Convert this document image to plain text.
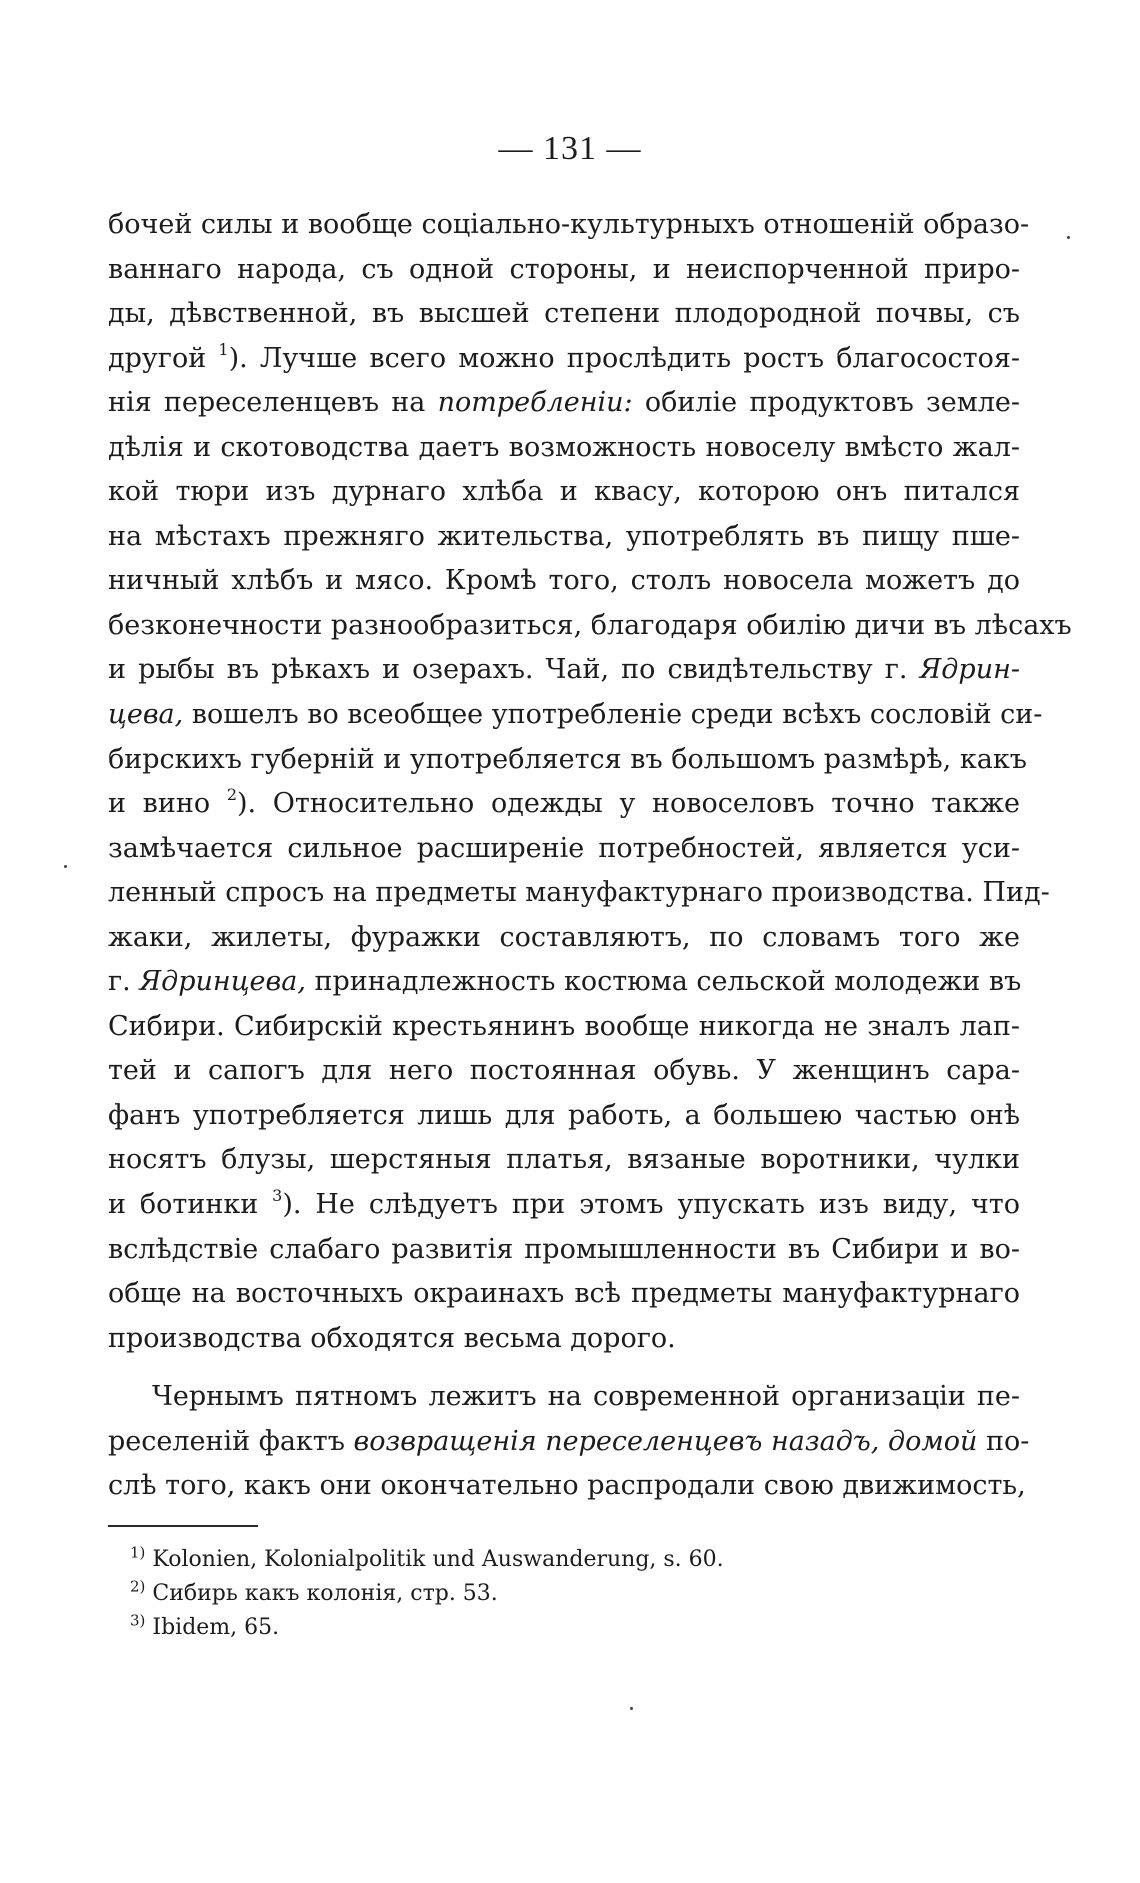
— 131 —
бочей силы и вообще соціально-культурныхъ отношеній образо-
ваннаго народа, съ одной стороны, и неиспорченной приро-
ды, дѣвственной, въ высшей степени плодородной почвы, съ
другой $^1$). Лучше всего можно прослѣдить ростъ благосостоя-
нія переселенцевъ на потребленіи: обиліе продуктовъ земле-
дѣлія и скотоводства даетъ возможность новоселу вмѣсто жал-
кой тюри изъ дурнаго хлѣба и квасу, которою онъ питался
на мѣстахъ прежняго жительства, употреблять въ пищу пше-
ничный хлѣбъ и мясо. Кромѣ того, столъ новосела можетъ до
безконечности разнообразиться, благодаря обилію дичи въ лѣсахъ
и рыбы въ рѣкахъ и озерахъ. Чай, по свидѣтельству г. Ядрин-
цева, вошелъ во всеобщее употребленіе среди всѣхъ сословій си-
бирскихъ губерній и употребляется въ большомъ размѣрѣ, какъ
и вино $^2$). Относительно одежды у новоселовъ точно также
замѣчается сильное расширеніе потребностей, является уси-
ленный спросъ на предметы мануфактурнаго производства. Пид-
жаки, жилеты, фуражки составляютъ, по словамъ того же
г. Ядринцева, принадлежность костюма сельской молодежи въ
Сибири. Сибирскій крестьянинъ вообще никогда не зналъ лап-
тей и сапогъ для него постоянная обувь. У женщинъ сара-
фанъ употребляется лишь для работь, а большею частью онѣ
носятъ блузы, шерстяныя платья, вязаные воротники, чулки
и ботинки $^3$). Не слѣдуетъ при этомъ упускать изъ виду, что
вслѣдствіе слабаго развитія промышленности въ Сибири и во-
обще на восточныхъ окраинахъ всѣ предметы мануфактурнаго
производства обходятся весьма дорого.
Чернымъ пятномъ лежитъ на современной организаціи пе-
реселеній фактъ возвращенія переселенцевъ назадъ, домой по-
слѣ того, какъ они окончательно распродали свою движимость,
$^{1)}$ Kolonien, Kolonialpolitik und Auswanderung, s. 60.
$^{2)}$ Сибирь какъ колонія, стр. 53.
$^{3)}$ Ibidem, 65.
